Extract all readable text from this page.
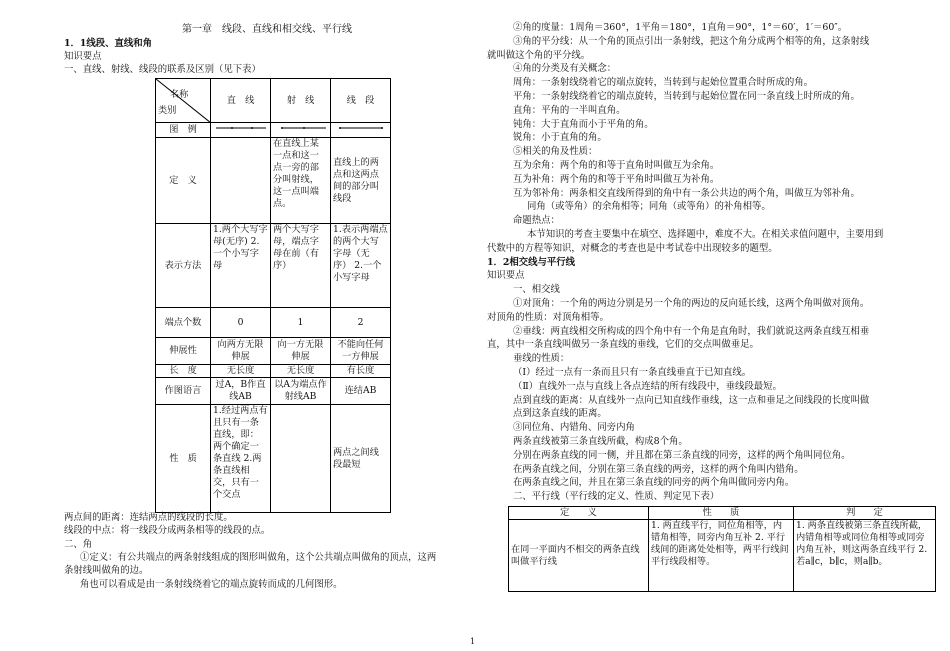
第一章　线段、直线和相交线、平行线
1．1线段、直线和角
知识要点
一、直线、射线、线段的联系及区别（见下表）
名称
类别	直　线	射　线	线　段
图　例			
定　义		在直线上某一点和这一点一旁的部分叫射线，这一点叫端点。	直线上的两点和这两点间的部分叫线段
表示方法	1.两个大写字母(无序) 2.一个小写字母	两个大写字母，端点字母在前（有序）	1.表示两端点的两个大写字母（无序） 2.一个小写字母
端点个数	0	1	2
伸展性	向两方无限伸展	向一方无限伸展	不能向任何一方伸展
长　度	无长度	无长度	有长度
作图语言	过A，B作直线AB	以A为端点作射线AB	连结AB
性　质	1.经过两点有且只有一条直线，即：两个确定一条直线 2.两条直线相交，只有一个交点		两点之间线段最短
两点间的距离：连结两点的线段的长度。
线段的中点：将一线段分成两条相等的线段的点。
二、角
①定义：有公共端点的两条射线组成的图形叫做角，这个公共端点叫做角的顶点，这两
条射线叫做角的边。
角也可以看成是由一条射线绕着它的端点旋转而成的几何图形。
②角的度量：1周角＝360°，1平角＝180°，1直角＝90°，1°＝60′，1′＝60″。
③角的平分线：从一个角的顶点引出一条射线，把这个角分成两个相等的角，这条射线
就叫做这个角的平分线。
④角的分类及有关概念：
周角：一条射线绕着它的端点旋转，当转到与起始位置重合时所成的角。
平角：一条射线绕着它的端点旋转，当转到与起始位置在同一条直线上时所成的角。
直角：平角的一半叫直角。
钝角：大于直角而小于平角的角。
锐角：小于直角的角。
⑤相关的角及性质：
互为余角：两个角的和等于直角时叫做互为余角。
互为补角：两个角的和等于平角时叫做互为补角。
互为邻补角：两条相交直线所得到的角中有一条公共边的两个角，叫做互为邻补角。
同角（或等角）的余角相等；同角（或等角）的补角相等。
命题热点：
本节知识的考查主要集中在填空、选择题中，难度不大。在相关求值问题中，主要用到
代数中的方程等知识，对概念的考查也是中考试卷中出现较多的题型。
1．2相交线与平行线
知识要点
一、相交线
①对顶角：一个角的两边分别是另一个角的两边的反向延长线，这两个角叫做对顶角。
对顶角的性质：对顶角相等。
②垂线：两直线相交所构成的四个角中有一个角是直角时，我们就说这两条直线互相垂
直，其中一条直线叫做另一条直线的垂线，它们的交点叫做垂足。
垂线的性质：
（Ⅰ）经过一点有一条而且只有一条直线垂直于已知直线。
（Ⅱ）直线外一点与直线上各点连结的所有线段中，垂线段最短。
点到直线的距离：从直线外一点向已知直线作垂线，这一点和垂足之间线段的长度叫做
点到这条直线的距离。
③同位角、内错角、同旁内角
两条直线被第三条直线所截，构成8个角。
分别在两条直线的同一侧，并且都在第三条直线的同旁，这样的两个角叫同位角。
在两条直线之间，分别在第三条直线的两旁，这样的两个角叫内错角。
在两条直线之间，并且在第三条直线的同旁的两个角叫做同旁内角。
二、平行线（平行线的定义、性质、判定见下表）
定　　义	性　　质	判　　定
在同一平面内不相交的两条直线叫做平行线	1. 两直线平行，同位角相等，内错角相等，同旁内角互补 2. 平行线间的距离处处相等，两平行线间平行线段相等。	1. 两条直线被第三条直线所截，内错角相等或同位角相等或同旁内角互补，则这两条直线平行 2. 若a∥c，b∥c，则a∥b。
1
